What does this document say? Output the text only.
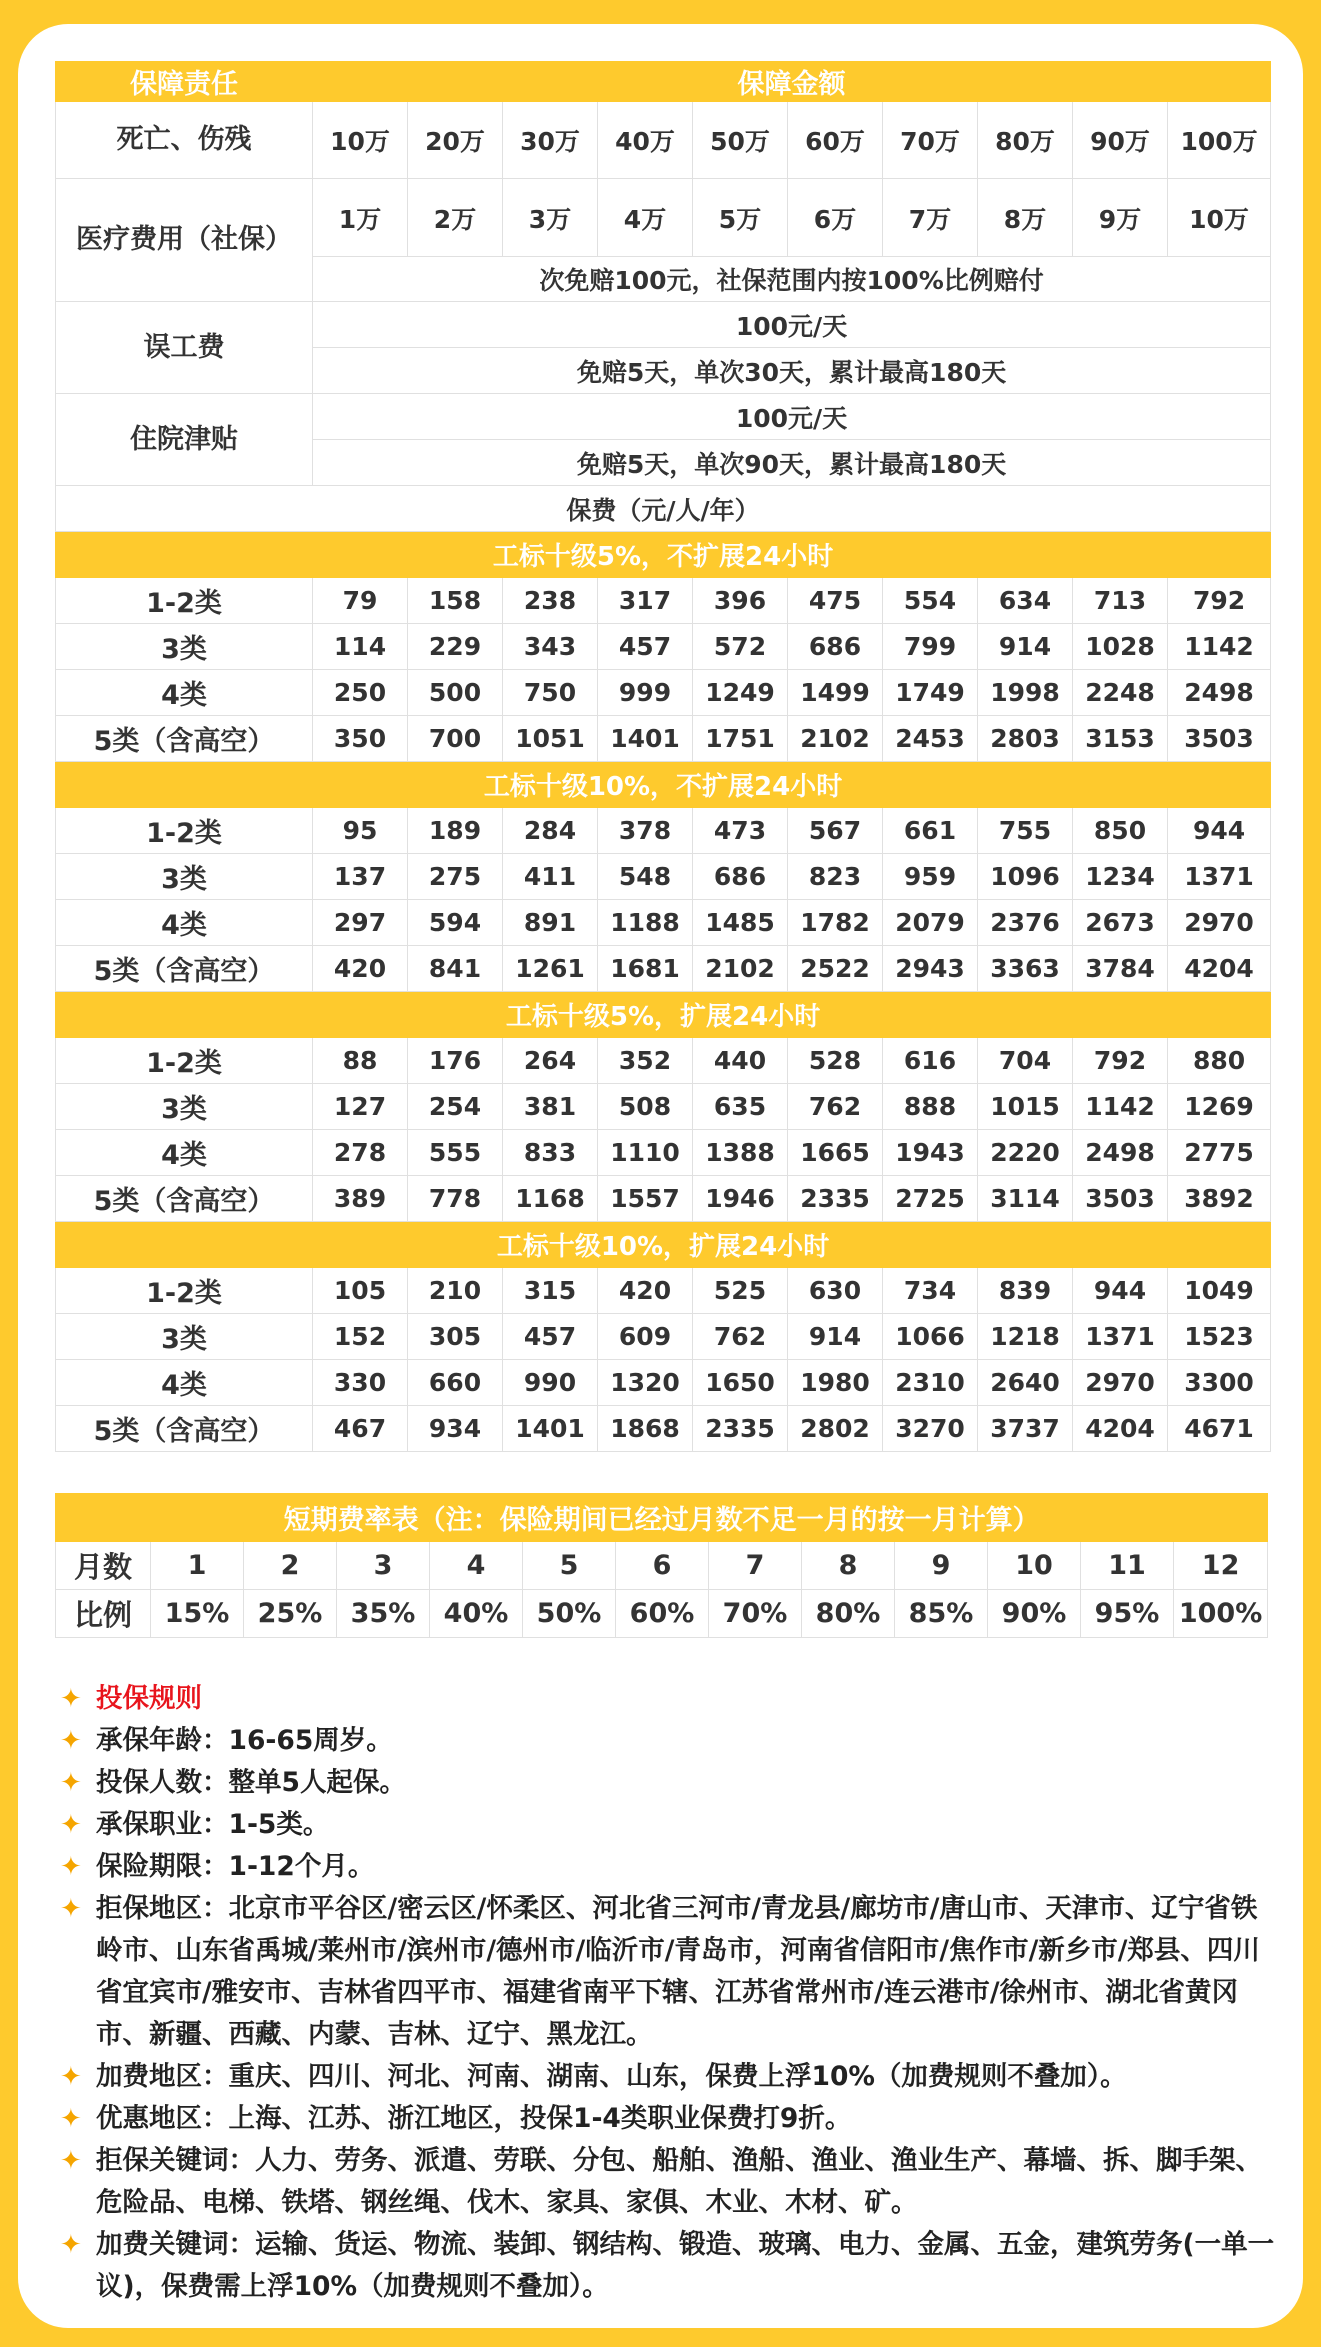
保障责任	保障金额									
死亡、伤残	10万	20万	30万	40万	50万	60万	70万	80万	90万	100万
医疗费用（社保）	1万	2万	3万	4万	5万	6万	7万	8万	9万	10万
	次免赔100元，社保范围内按100%比例赔付									
误工费	100元/天									
	免赔5天，单次30天，累计最高180天									
住院津贴	100元/天									
	免赔5天，单次90天，累计最高180天									
保费（元/人/年）										
工标十级5%，不扩展24小时										
1-2类	79	158	238	317	396	475	554	634	713	792
3类	114	229	343	457	572	686	799	914	1028	1142
4类	250	500	750	999	1249	1499	1749	1998	2248	2498
5类（含高空）	350	700	1051	1401	1751	2102	2453	2803	3153	3503
工标十级10%，不扩展24小时										
1-2类	95	189	284	378	473	567	661	755	850	944
3类	137	275	411	548	686	823	959	1096	1234	1371
4类	297	594	891	1188	1485	1782	2079	2376	2673	2970
5类（含高空）	420	841	1261	1681	2102	2522	2943	3363	3784	4204
工标十级5%，扩展24小时										
1-2类	88	176	264	352	440	528	616	704	792	880
3类	127	254	381	508	635	762	888	1015	1142	1269
4类	278	555	833	1110	1388	1665	1943	2220	2498	2775
5类（含高空）	389	778	1168	1557	1946	2335	2725	3114	3503	3892
工标十级10%，扩展24小时										
1-2类	105	210	315	420	525	630	734	839	944	1049
3类	152	305	457	609	762	914	1066	1218	1371	1523
4类	330	660	990	1320	1650	1980	2310	2640	2970	3300
5类（含高空）	467	934	1401	1868	2335	2802	3270	3737	4204	4671
短期费率表（注：保险期间已经过月数不足一月的按一月计算）												
月数	1	2	3	4	5	6	7	8	9	10	11	12
比例	15%	25%	35%	40%	50%	60%	70%	80%	85%	90%	95%	100%
✦ 投保规则
✦ 承保年龄：16-65周岁。
✦ 投保人数：整单5人起保。
✦ 承保职业：1-5类。
✦ 保险期限：1-12个月。
✦ 拒保地区：北京市平谷区/密云区/怀柔区、河北省三河市/青龙县/廊坊市/唐山市、天津市、辽宁省铁岭市、山东省禹城/莱州市/滨州市/德州市/临沂市/青岛市，河南省信阳市/焦作市/新乡市/郑县、四川省宜宾市/雅安市、吉林省四平市、福建省南平下辖、江苏省常州市/连云港市/徐州市、湖北省黄冈市、新疆、西藏、内蒙、吉林、辽宁、黑龙江。
✦ 加费地区：重庆、四川、河北、河南、湖南、山东，保费上浮10%（加费规则不叠加）。
✦ 优惠地区：上海、江苏、浙江地区，投保1-4类职业保费打9折。
✦ 拒保关键词：人力、劳务、派遣、劳联、分包、船舶、渔船、渔业、渔业生产、幕墙、拆、脚手架、危险品、电梯、铁塔、钢丝绳、伐木、家具、家俱、木业、木材、矿。
✦ 加费关键词：运输、货运、物流、装卸、钢结构、锻造、玻璃、电力、金属、五金，建筑劳务(一单一议)，保费需上浮10%（加费规则不叠加）。
